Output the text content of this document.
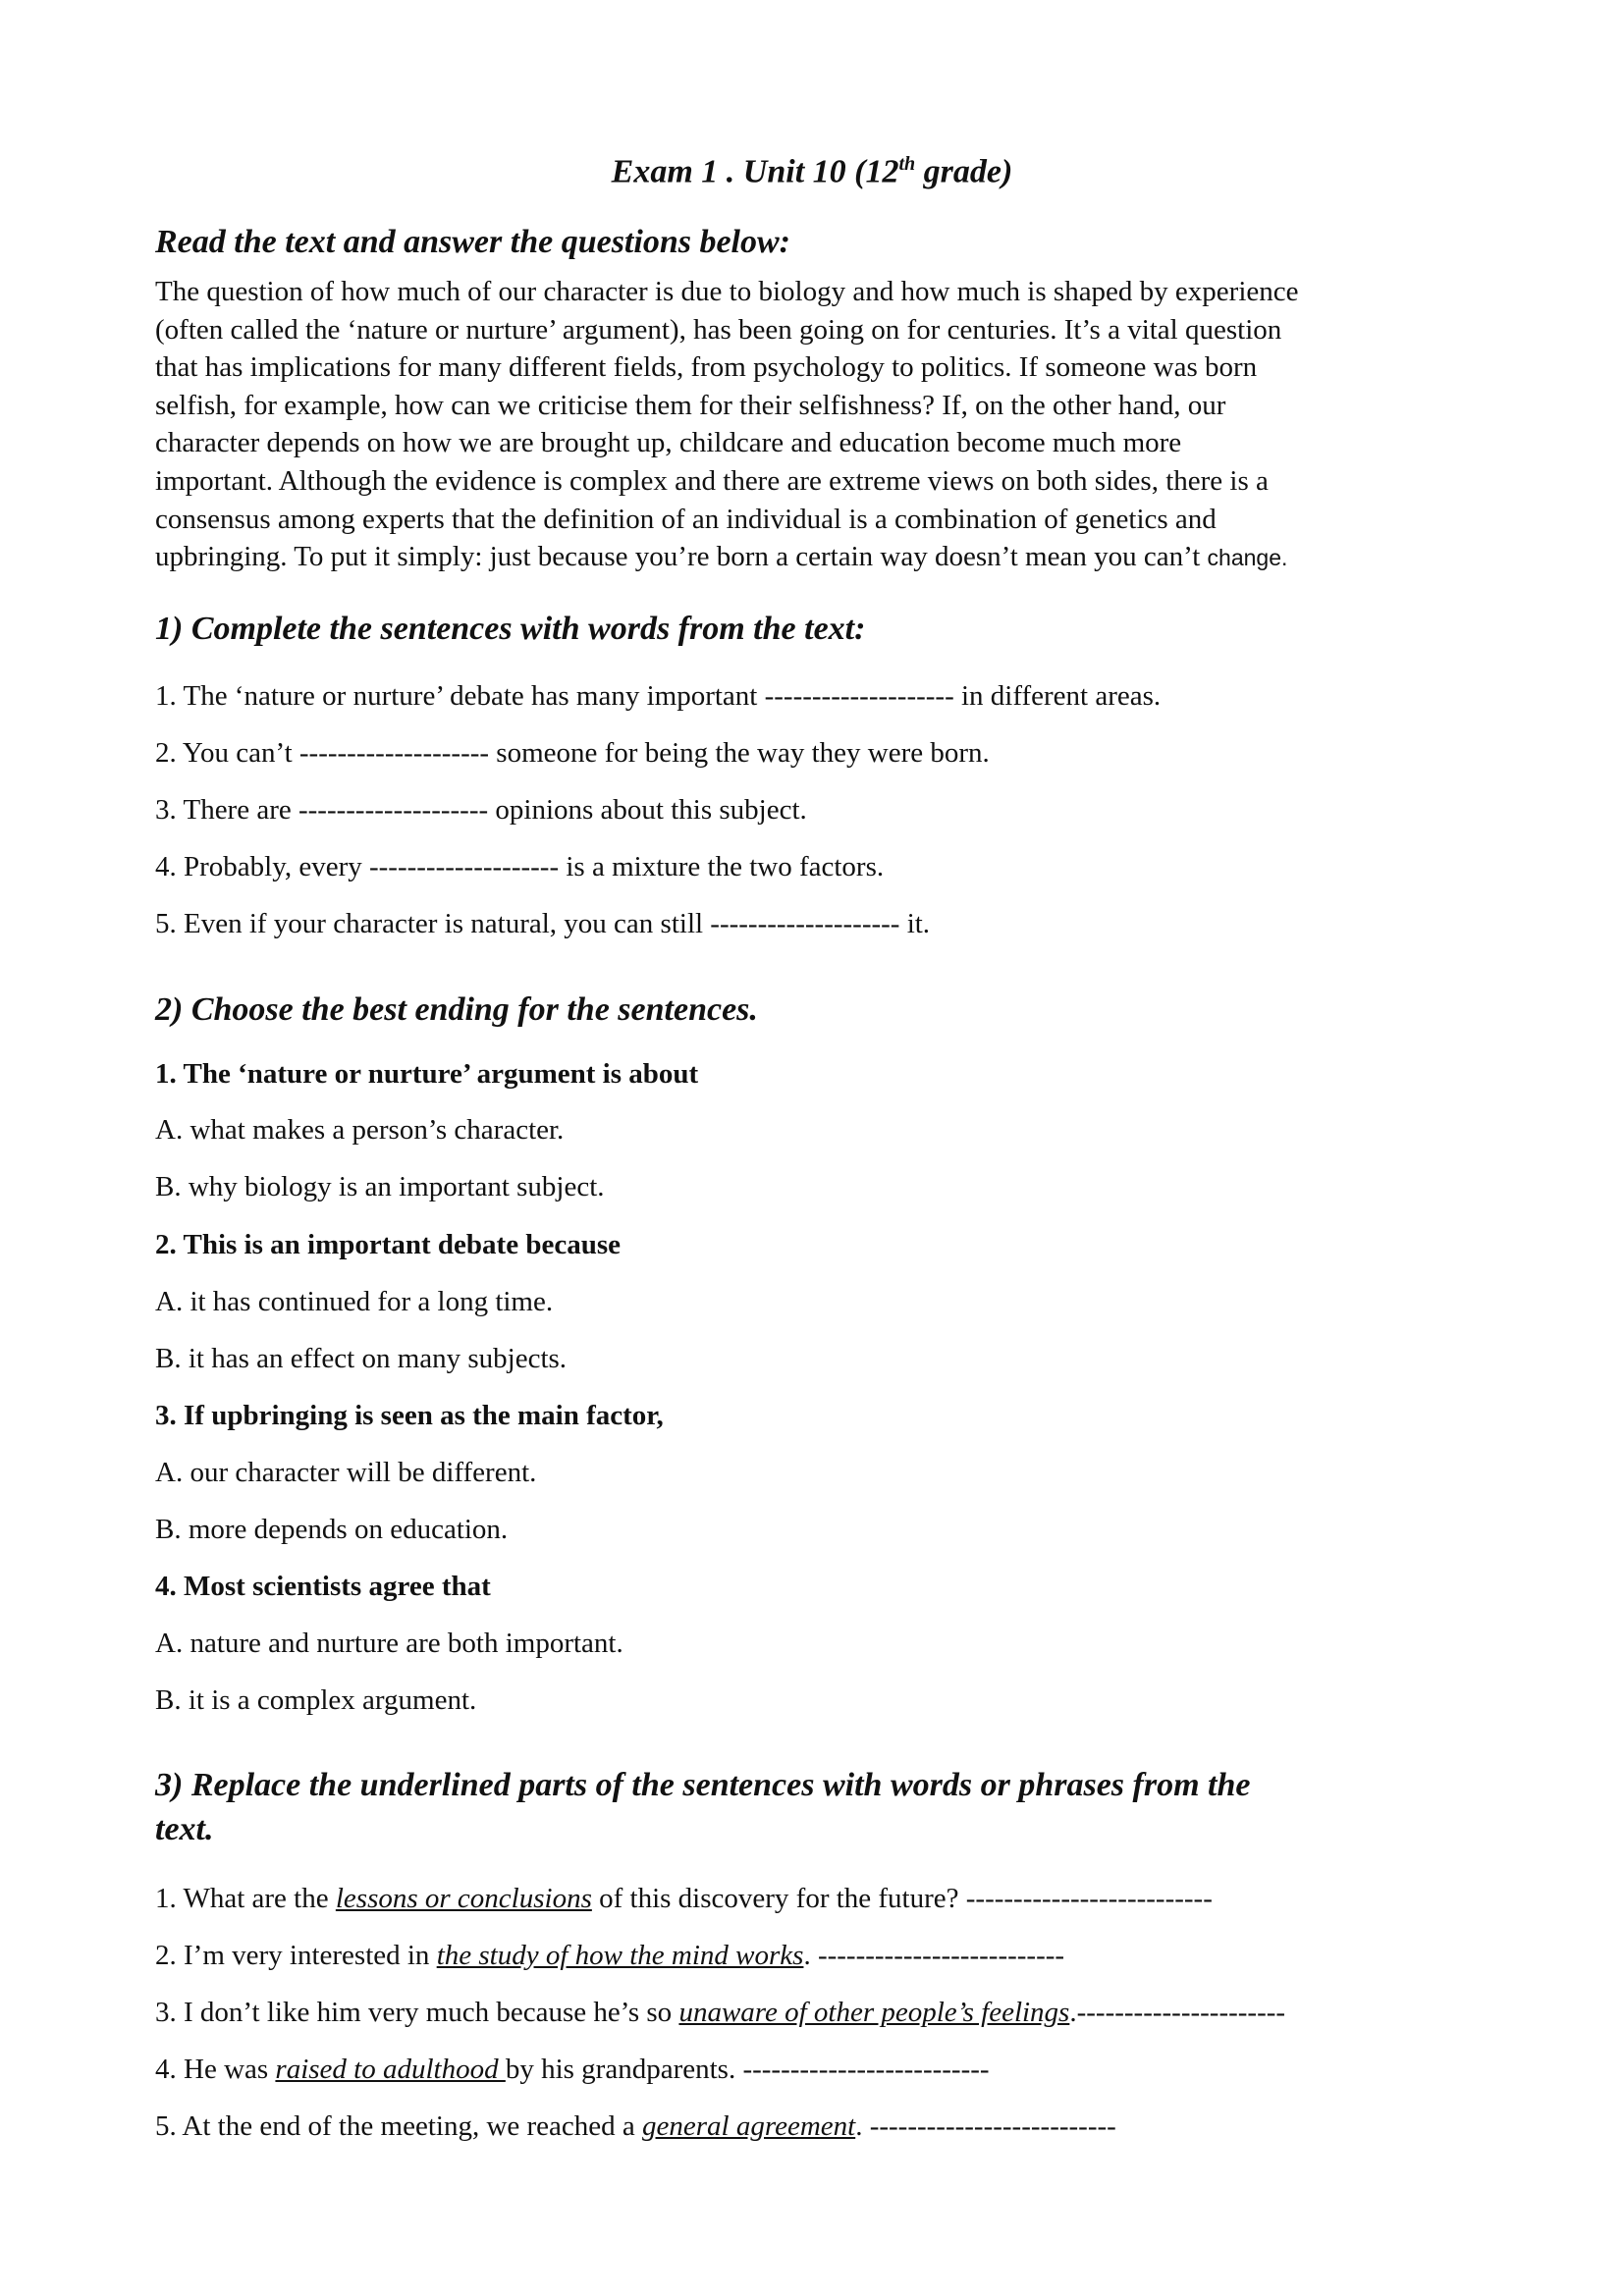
Exam 1 . Unit 10 (12th grade)
Read the text and answer the questions below:
The question of how much of our character is due to biology and how much is shaped by experience
(often called the ‘nature or nurture’ argument), has been going on for centuries. It’s a vital question
that has implications for many different fields, from psychology to politics. If someone was born
selfish, for example, how can we criticise them for their selfishness? If, on the other hand, our
character depends on how we are brought up, childcare and education become much more
important. Although the evidence is complex and there are extreme views on both sides, there is a
consensus among experts that the definition of an individual is a combination of genetics and
upbringing. To put it simply: just because you’re born a certain way doesn’t mean you can’t change.
1) Complete the sentences with words from the text:
1. The ‘nature or nurture’ debate has many important -------------------- in different areas.
2. You can’t -------------------- someone for being the way they were born.
3. There are -------------------- opinions about this subject.
4. Probably, every -------------------- is a mixture the two factors.
5. Even if your character is natural, you can still -------------------- it.
2) Choose the best ending for the sentences.
1. The ‘nature or nurture’ argument is about
A. what makes a person’s character.
B. why biology is an important subject.
2. This is an important debate because
A. it has continued for a long time.
B. it has an effect on many subjects.
3. If upbringing is seen as the main factor,
A. our character will be different.
B. more depends on education.
4. Most scientists agree that
A. nature and nurture are both important.
B. it is a complex argument.
3) Replace the underlined parts of the sentences with words or phrases from the
text.
1. What are the lessons or conclusions of this discovery for the future? --------------------------
2. I’m very interested in the study of how the mind works. --------------------------
3. I don’t like him very much because he’s so unaware of other people’s feelings.----------------------
4. He was raised to adulthood by his grandparents. --------------------------
5. At the end of the meeting, we reached a general agreement. --------------------------
